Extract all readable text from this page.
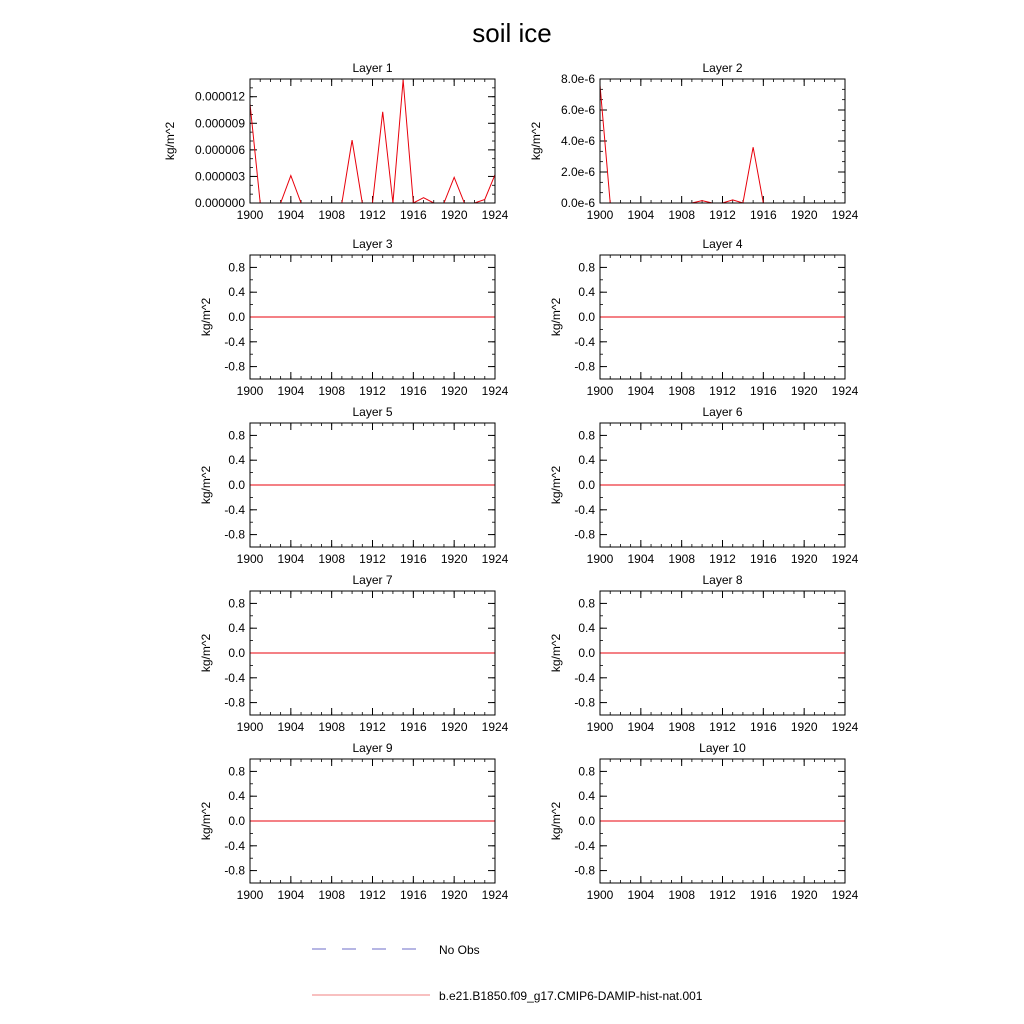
soil ice
Layer 1
kg/m^2
1900 1904 1908 1912 1916 1920 1924
0.000000
0.000003
0.000006
0.000009
0.000012
Layer 2
kg/m^2
1900 1904 1908 1912 1916 1920 1924
0.0e-6
2.0e-6
4.0e-6
6.0e-6
8.0e-6
Layer 3
kg/m^2
1900 1904 1908 1912 1916 1920 1924
-0.8
-0.4
0.0
0.4
0.8
Layer 4
kg/m^2
1900 1904 1908 1912 1916 1920 1924
-0.8
-0.4
0.0
0.4
0.8
Layer 5
kg/m^2
1900 1904 1908 1912 1916 1920 1924
-0.8
-0.4
0.0
0.4
0.8
Layer 6
kg/m^2
1900 1904 1908 1912 1916 1920 1924
-0.8
-0.4
0.0
0.4
0.8
Layer 7
kg/m^2
1900 1904 1908 1912 1916 1920 1924
-0.8
-0.4
0.0
0.4
0.8
Layer 8
kg/m^2
1900 1904 1908 1912 1916 1920 1924
-0.8
-0.4
0.0
0.4
0.8
Layer 9
kg/m^2
1900 1904 1908 1912 1916 1920 1924
-0.8
-0.4
0.0
0.4
0.8
Layer 10
kg/m^2
1900 1904 1908 1912 1916 1920 1924
-0.8
-0.4
0.0
0.4
0.8
No Obs
b.e21.B1850.f09_g17.CMIP6-DAMIP-hist-nat.001
